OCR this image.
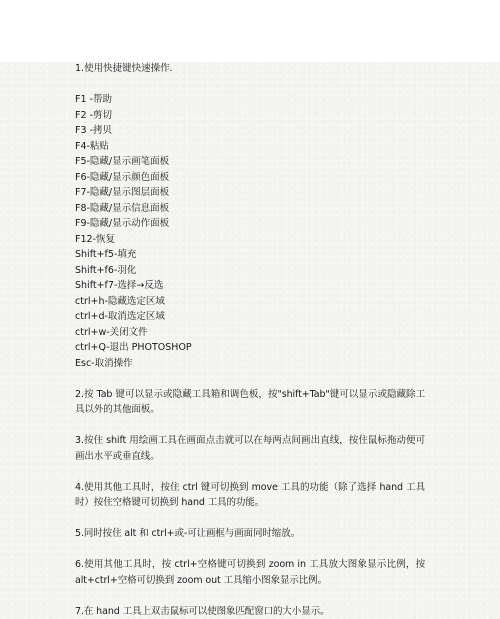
1.使用快捷键快速操作.
F1 -帮助
F2 -剪切
F3 -拷贝
F4-粘贴
F5-隐藏/显示画笔面板
F6-隐藏/显示颜色面板
F7-隐藏/显示图层面板
F8-隐藏/显示信息面板
F9-隐藏/显示动作面板
F12-恢复
Shift+f5-填充
Shift+f6-羽化
Shift+f7-选择→反选
ctrl+h-隐藏选定区域
ctrl+d-取消选定区域
ctrl+w-关闭文件
ctrl+Q-退出 PHOTOSHOP
Esc-取消操作
2.按 Tab 键可以显示或隐藏工具箱和调色板，按"shift+Tab"键可以显示或隐藏除工具以外的其他面板。
3.按住 shift 用绘画工具在画面点击就可以在每两点间画出直线，按住鼠标拖动便可画出水平或垂直线。
4.使用其他工具时，按住 ctrl 键可切换到 move 工具的功能（除了选择 hand 工具时）按住空格键可切换到 hand 工具的功能。
5.同时按住 alt 和 ctrl+或-可让画框与画面同时缩放。
6.使用其他工具时，按 ctrl+空格键可切换到 zoom in 工具放大图象显示比例，按 alt+ctrl+空格可切换到 zoom out 工具缩小图象显示比例。
7.在 hand 工具上双击鼠标可以使图象匹配窗口的大小显示。
